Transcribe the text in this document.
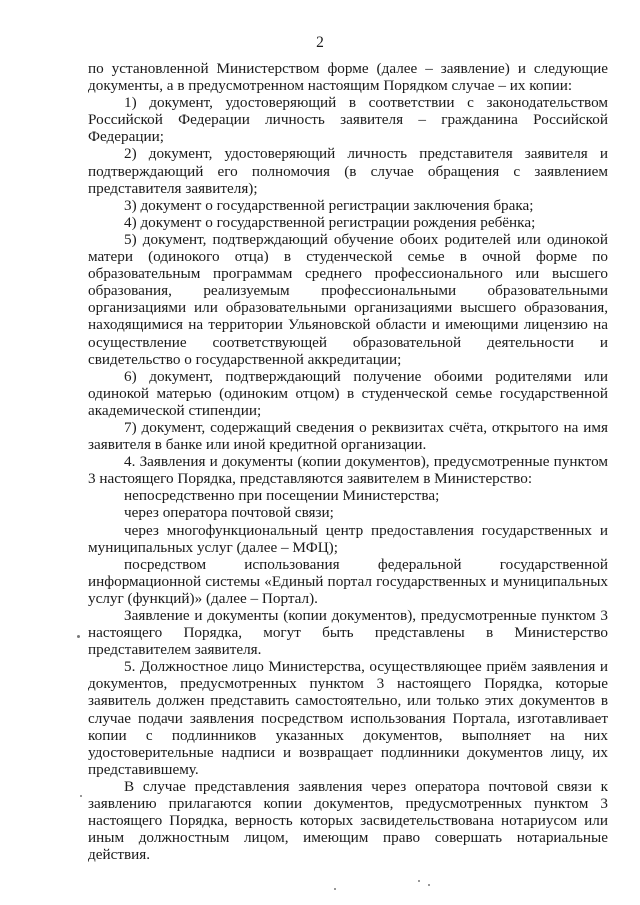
2

по установленной Министерством форме (далее – заявление) и следующие документы, а в предусмотренном настоящим Порядком случае – их копии:

1) документ, удостоверяющий в соответствии с законодательством Российской Федерации личность заявителя – гражданина Российской Федерации;

2) документ, удостоверяющий личность представителя заявителя и подтверждающий его полномочия (в случае обращения с заявлением представителя заявителя);

3) документ о государственной регистрации заключения брака;

4) документ о государственной регистрации рождения ребёнка;

5) документ, подтверждающий обучение обоих родителей или одинокой матери (одинокого отца) в студенческой семье в очной форме по образовательным программам среднего профессионального или высшего образования, реализуемым профессиональными образовательными организациями или образовательными организациями высшего образования, находящимися на территории Ульяновской области и имеющими лицензию на осуществление соответствующей образовательной деятельности и свидетельство о государственной аккредитации;

6) документ, подтверждающий получение обоими родителями или одинокой матерью (одиноким отцом) в студенческой семье государственной академической стипендии;

7) документ, содержащий сведения о реквизитах счёта, открытого на имя заявителя в банке или иной кредитной организации.

4. Заявления и документы (копии документов), предусмотренные пунктом 3 настоящего Порядка, представляются заявителем в Министерство:

непосредственно при посещении Министерства;

через оператора почтовой связи;

через многофункциональный центр предоставления государственных и муниципальных услуг (далее – МФЦ);

посредством использования федеральной государственной информационной системы «Единый портал государственных и муниципальных услуг (функций)» (далее – Портал).

Заявление и документы (копии документов), предусмотренные пунктом 3 настоящего Порядка, могут быть представлены в Министерство представителем заявителя.

5. Должностное лицо Министерства, осуществляющее приём заявления и документов, предусмотренных пунктом 3 настоящего Порядка, которые заявитель должен представить самостоятельно, или только этих документов в случае подачи заявления посредством использования Портала, изготавливает копии с подлинников указанных документов, выполняет на них удостоверительные надписи и возвращает подлинники документов лицу, их представившему.

В случае представления заявления через оператора почтовой связи к заявлению прилагаются копии документов, предусмотренных пунктом 3 настоящего Порядка, верность которых засвидетельствована нотариусом или иным должностным лицом, имеющим право совершать нотариальные действия.
